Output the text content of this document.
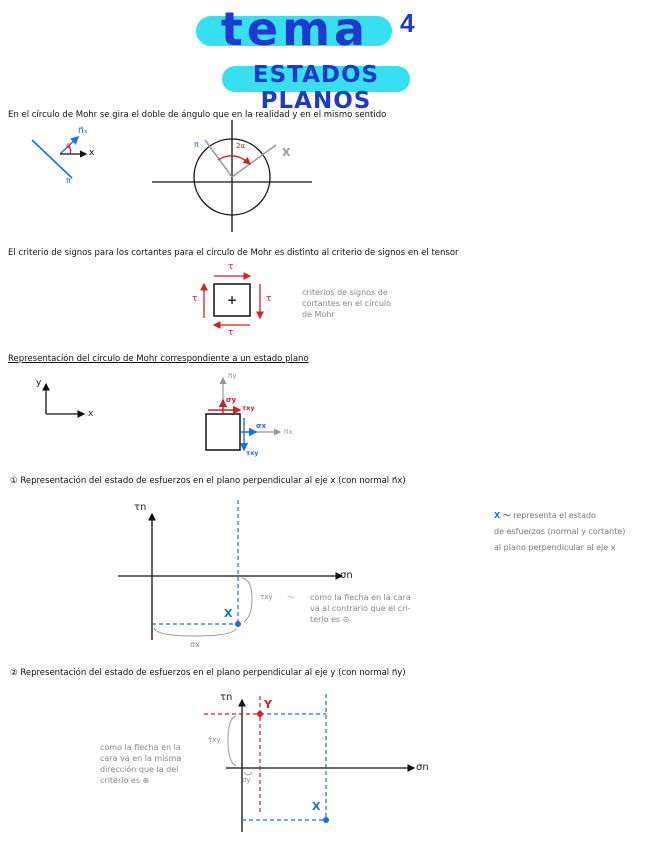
tema	4
ESTADOS PLANOS
En el círculo de Mohr se gira el doble de ángulo que en la realidad y en el mismo sentido
n⃗ₓ
α
x
π
π	2α	X
El criterio de signos para los cortantes para el círculo de Mohr es distinto al criterio de signos en el tensor
τ
τ
τ	τ
+
criterios de signos de
cortantes en el círculo
de Mohr
Representación del círculo de Mohr correspondiente a un estado plano
y
x
n⃗y
σy
τxy
σx
n⃗x
τxy
① Representación del estado de esfuerzos en el plano perpendicular al eje x (con normal n⃗x)
τn
σn
X
τxy 〜 como la flecha en la cara
va al contrario que el cri-
terio es ⊝
σx
X 〜 representa el estado
de esfuerzos (normal y cortante)
al plano perpendicular al eje x
② Representación del estado de esfuerzos en el plano perpendicular al eje y (con normal n⃗y)
τn
σn
Y
X
τxy
σy
como la flecha en la
cara va en la misma
dirección que la del
criterio es ⊕
